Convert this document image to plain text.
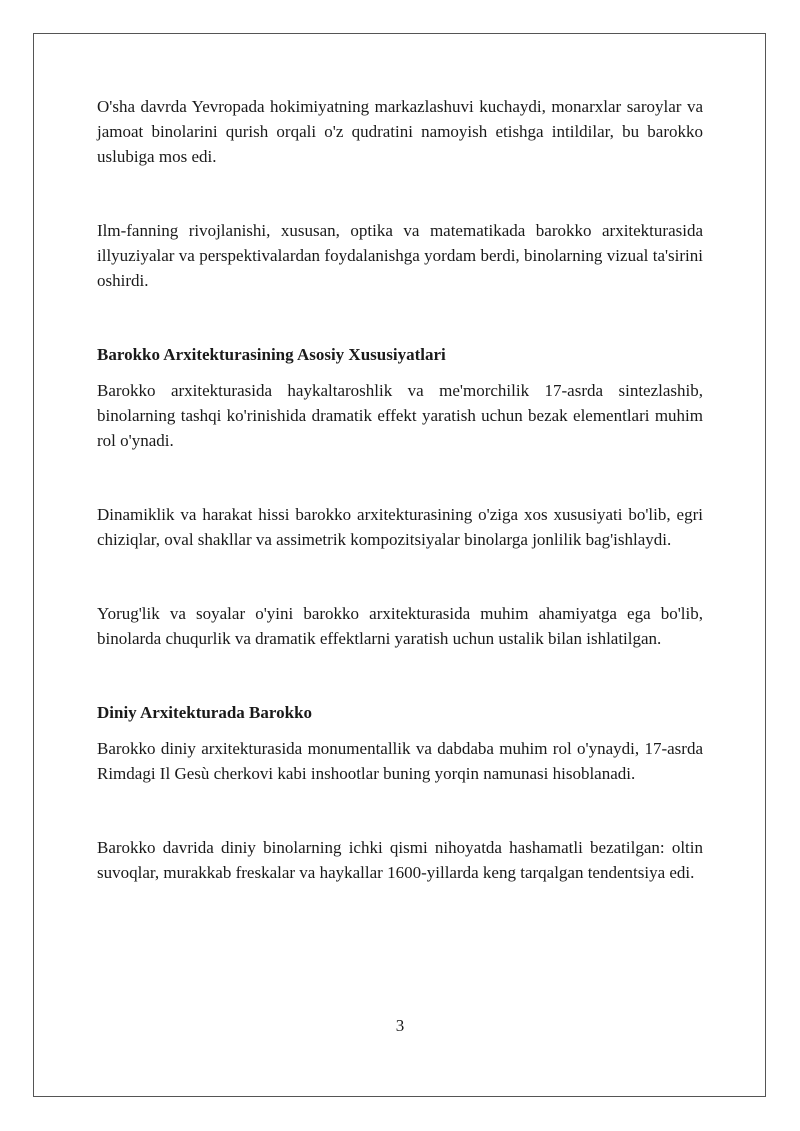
O'sha davrda Yevropada hokimiyatning markazlashuvi kuchaydi, monarxlar saroylar va jamoat binolarini qurish orqali o'z qudratini namoyish etishga intildilar, bu barokko uslubiga mos edi.

Ilm-fanning rivojlanishi, xususan, optika va matematikada barokko arxitekturasida illyuziyalar va perspektivalardan foydalanishga yordam berdi, binolarning vizual ta'sirini oshirdi.

Barokko Arxitekturasining Asosiy Xususiyatlari

Barokko arxitekturasida haykaltaroshlik va me'morchilik 17-asrda sintezlashib, binolarning tashqi ko'rinishida dramatik effekt yaratish uchun bezak elementlari muhim rol o'ynadi.

Dinamiklik va harakat hissi barokko arxitekturasining o'ziga xos xususiyati bo'lib, egri chiziqlar, oval shakllar va assimetrik kompozitsiyalar binolarga jonlilik bag'ishlaydi.

Yorug'lik va soyalar o'yini barokko arxitekturasida muhim ahamiyatga ega bo'lib, binolarda chuqurlik va dramatik effektlarni yaratish uchun ustalik bilan ishlatilgan.

Diniy Arxitekturada Barokko

Barokko diniy arxitekturasida monumentallik va dabdaba muhim rol o'ynaydi, 17-asrda Rimdagi Il Gesù cherkovi kabi inshootlar buning yorqin namunasi hisoblanadi.

Barokko davrida diniy binolarning ichki qismi nihoyatda hashamatli bezatilgan: oltin suvoqlar, murakkab freskalar va haykallar 1600-yillarda keng tarqalgan tendentsiya edi.

3
